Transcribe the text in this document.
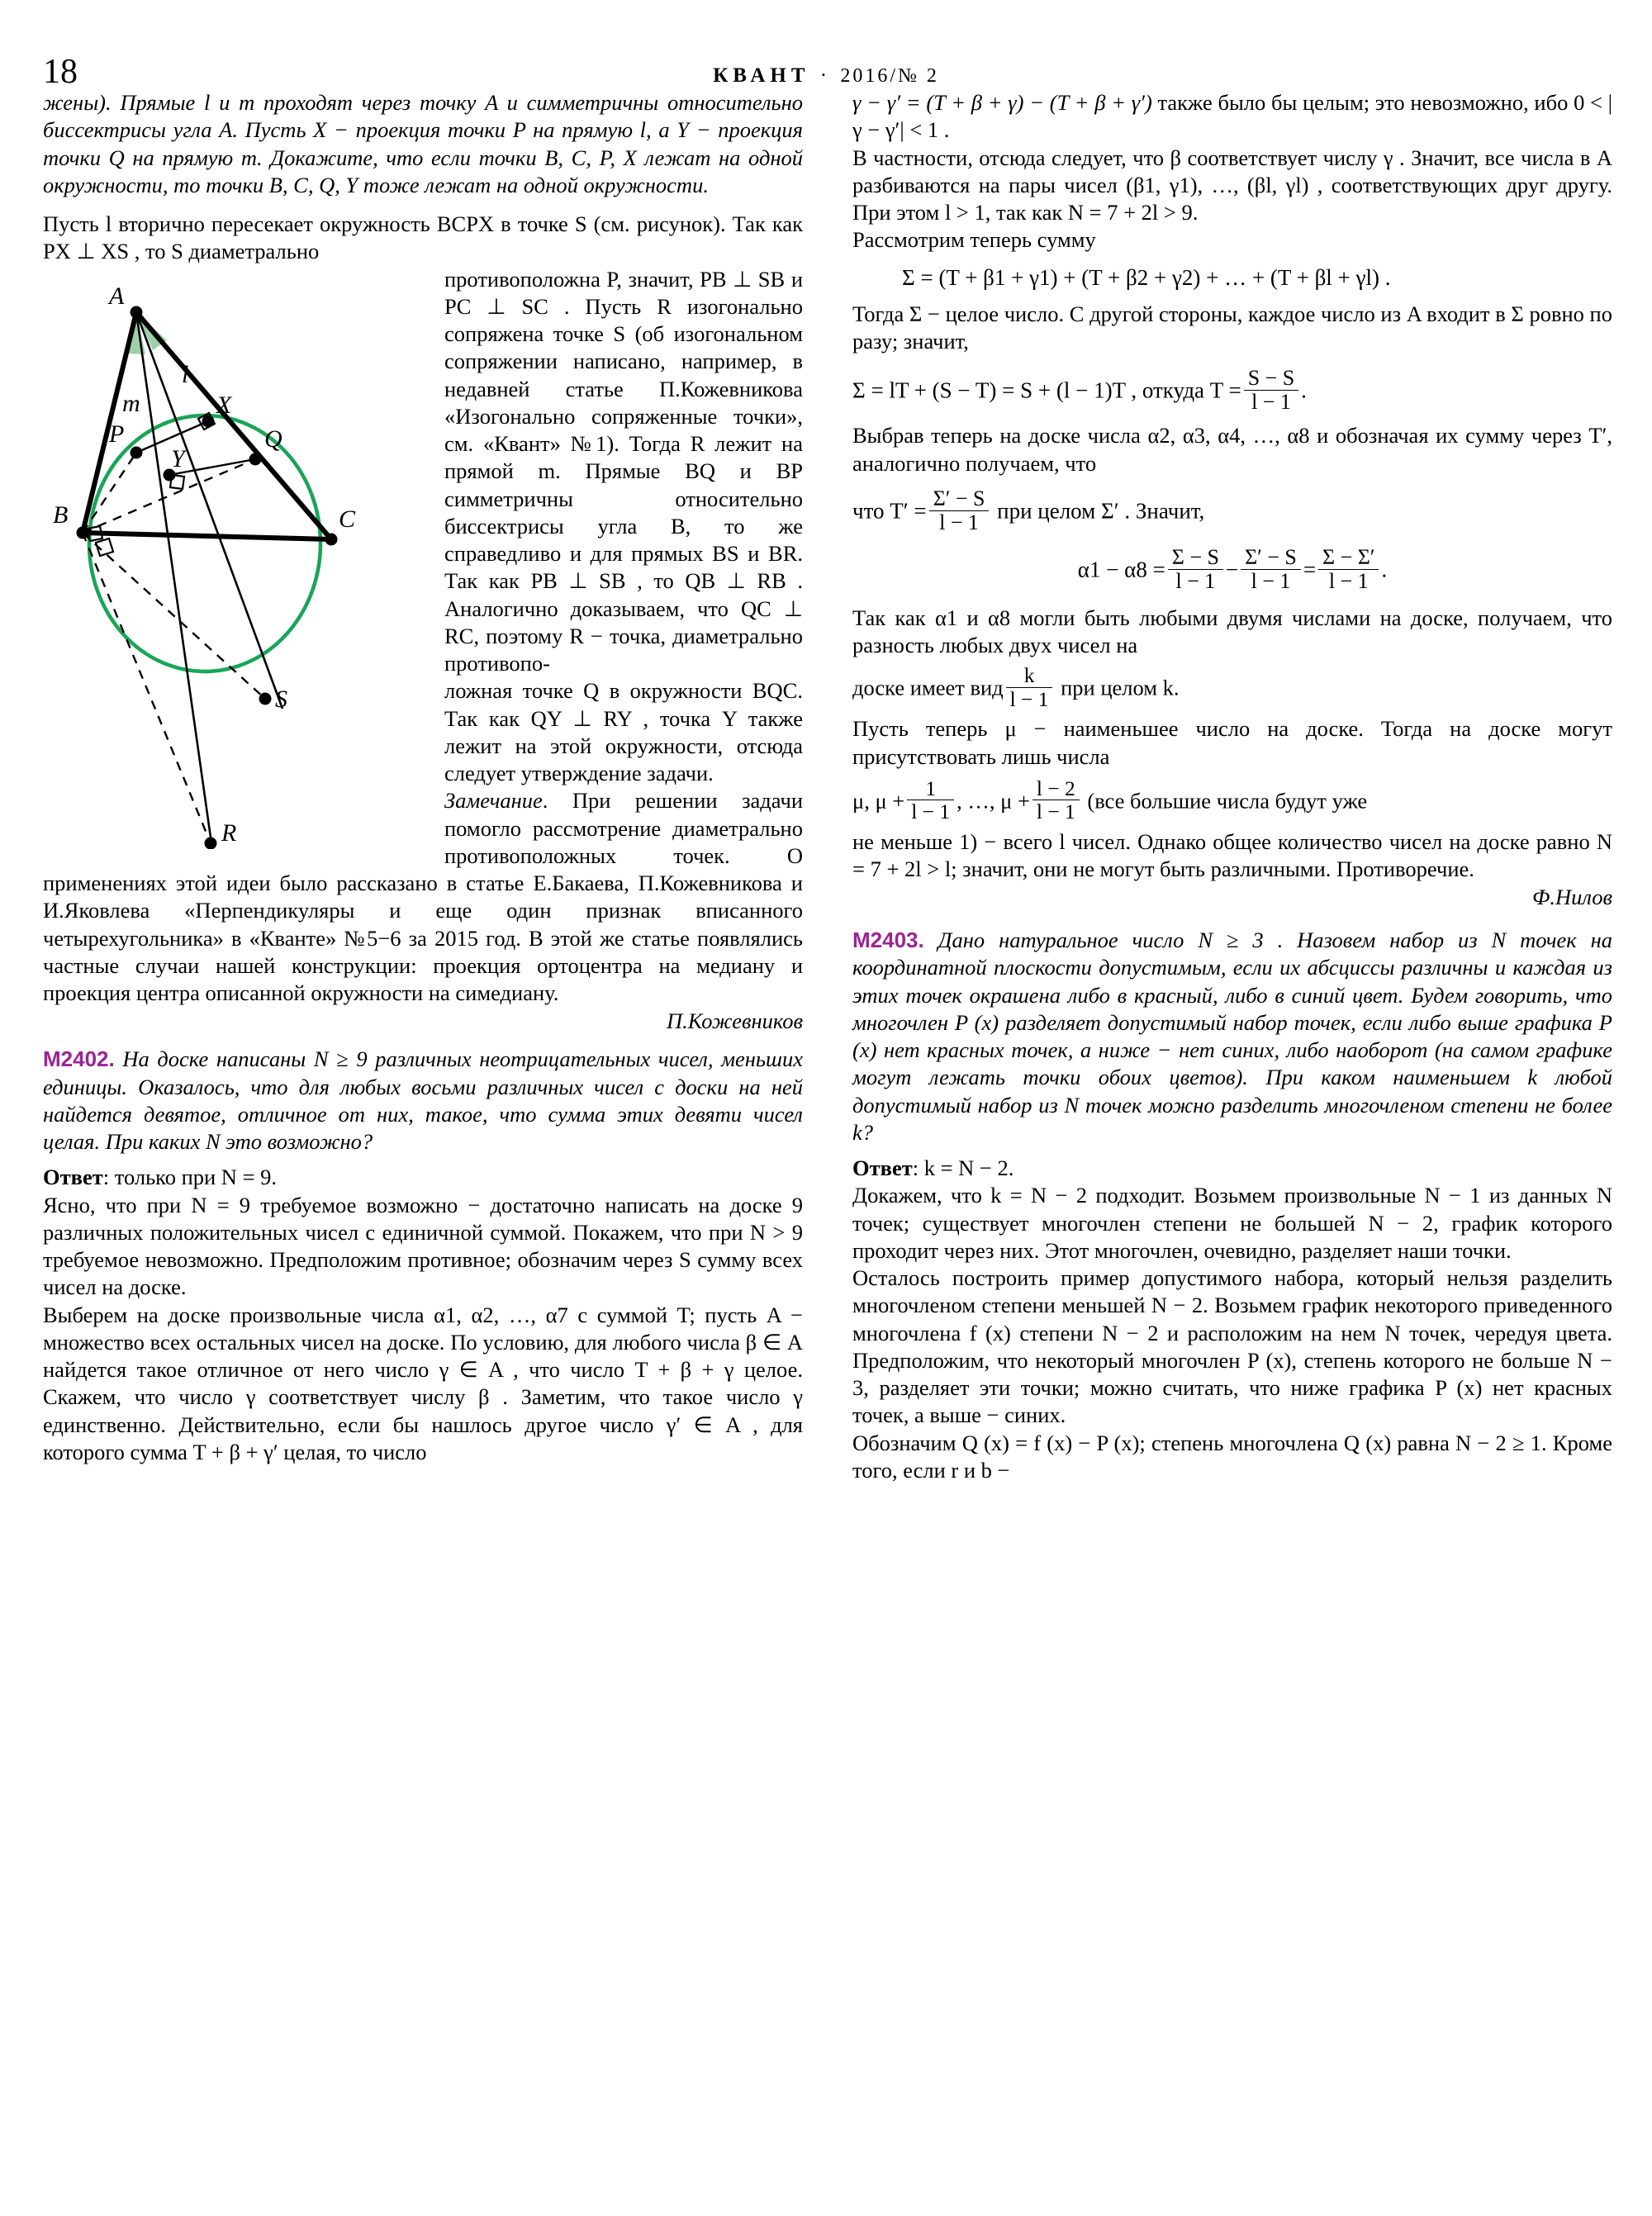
18	КВАНТ · 2016/№ 2

жены). Прямые l и m проходят через точку A и симметричны относительно биссектрисы угла A. Пусть X − проекция точки P на прямую l, а Y − проекция точки Q на прямую m. Докажите, что если точки B, C, P, X лежат на одной окружности, то точки B, C, Q, Y тоже лежат на одной окружности.

Пусть l вторично пересекает окружность BCPX в точке S (см. рисунок). Так как PX ⊥ XS , то S диаметрально

A
B	C
P	Q
X
Y
S
R
m
l

противоположна P, значит, PB ⊥ SB и PC ⊥ SC . Пусть R изогонально сопряжена точке S (об изогональном сопряжении написано, например, в недавней статье П.Кожевникова «Изогонально сопряженные точки», см. «Квант» №1). Тогда R лежит на прямой m. Прямые BQ и BP симметричны относительно биссектрисы угла B, то же справедливо и для прямых BS и BR. Так как PB ⊥ SB , то QB ⊥ RB . Аналогично доказываем, что QC ⊥ RC, поэтому R − точка, диаметрально противопо-

ложная точке Q в окружности BQC. Так как QY ⊥ RY , точка Y также лежит на этой окружности, отсюда следует утверждение задачи.

Замечание. При решении задачи помогло рассмотрение диаметрально противоположных точек. О применениях этой идеи было рассказано в статье Е.Бакаева, П.Кожевникова и И.Яковлева «Перпендикуляры и еще один признак вписанного четырехугольника» в «Кванте» №5−6 за 2015 год. В этой же статье появлялись частные случаи нашей конструкции: проекция ортоцентра на медиану и проекция центра описанной окружности на симедиану.

П.Кожевников

M2402. На доске написаны N ≥ 9 различных неотрицательных чисел, меньших единицы. Оказалось, что для любых восьми различных чисел с доски на ней найдется девятое, отличное от них, такое, что сумма этих девяти чисел целая. При каких N это возможно?

Ответ: только при N = 9.

Ясно, что при N = 9 требуемое возможно − достаточно написать на доске 9 различных положительных чисел с единичной суммой. Покажем, что при N > 9 требуемое невозможно. Предположим противное; обозначим через S сумму всех чисел на доске.

Выберем на доске произвольные числа α1, α2, …, α7 с суммой T; пусть A − множество всех остальных чисел на доске. По условию, для любого числа β ∈ A найдется такое отличное от него число γ ∈ A , что число T + β + γ целое. Скажем, что число γ соответствует числу β . Заметим, что такое число γ единственно. Действительно, если бы нашлось другое число γ′ ∈ A , для которого сумма T + β + γ′ целая, то число

γ − γ′ = (T + β + γ) − (T + β + γ′) также было бы целым; это невозможно, ибо 0 < |γ − γ′| < 1 .

В частности, отсюда следует, что β соответствует числу γ . Значит, все числа в A разбиваются на пары чисел (β1, γ1), …, (βl, γl) , соответствующих друг другу. При этом l > 1, так как N = 7 + 2l > 9.

Рассмотрим теперь сумму

Σ = (T + β1 + γ1) + (T + β2 + γ2) + … + (T + βl + γl) .

Тогда Σ − целое число. С другой стороны, каждое число из A входит в Σ ровно по разу; значит,

Σ = lT + (S − T) = S + (l − 1)T , откуда $T = \frac{S - S}{l - 1}$ .

Выбрав теперь на доске числа α2, α3, α4, …, α8 и обозначая их сумму через T′, аналогично получаем, что

что $T' = \frac{\Sigma' - S}{l - 1}$ при целом Σ′ . Значит,

$\alpha 1 - \alpha 8 = \frac{\Sigma - S}{l - 1} - \frac{\Sigma' - S}{l - 1} = \frac{\Sigma - \Sigma'}{l - 1}$ .

Так как α1 и α8 могли быть любыми двумя числами на доске, получаем, что разность любых двух чисел на

доске имеет вид $\frac{k}{l - 1}$ при целом k.

Пусть теперь μ − наименьшее число на доске. Тогда на доске могут присутствовать лишь числа

μ, $\mu + \frac{1}{l - 1}$ , …, $\mu + \frac{l - 2}{l - 1} (все$ большие числа будут уже

не меньше 1) − всего l чисел. Однако общее количество чисел на доске равно N = 7 + 2l > l; значит, они не могут быть различными. Противоречие.

Ф.Нилов

M2403. Дано натуральное число N ≥ 3 . Назовем набор из N точек на координатной плоскости допустимым, если их абсциссы различны и каждая из этих точек окрашена либо в красный, либо в синий цвет. Будем говорить, что многочлен P (x) разделяет допустимый набор точек, если либо выше графика P (x) нет красных точек, а ниже − нет синих, либо наоборот (на самом графике могут лежать точки обоих цветов). При каком наименьшем k любой допустимый набор из N точек можно разделить многочленом степени не более k?

Ответ: k = N − 2.

Докажем, что k = N − 2 подходит. Возьмем произвольные N − 1 из данных N точек; существует многочлен степени не большей N − 2, график которого проходит через них. Этот многочлен, очевидно, разделяет наши точки.

Осталось построить пример допустимого набора, который нельзя разделить многочленом степени меньшей N − 2. Возьмем график некоторого приведенного многочлена f (x) степени N − 2 и расположим на нем N точек, чередуя цвета. Предположим, что некоторый многочлен P (x), степень которого не больше N − 3, разделяет эти точки; можно считать, что ниже графика P (x) нет красных точек, а выше − синих.

Обозначим Q (x) = f (x) − P (x); степень многочлена Q (x) равна N − 2 ≥ 1. Кроме того, если r и b −
